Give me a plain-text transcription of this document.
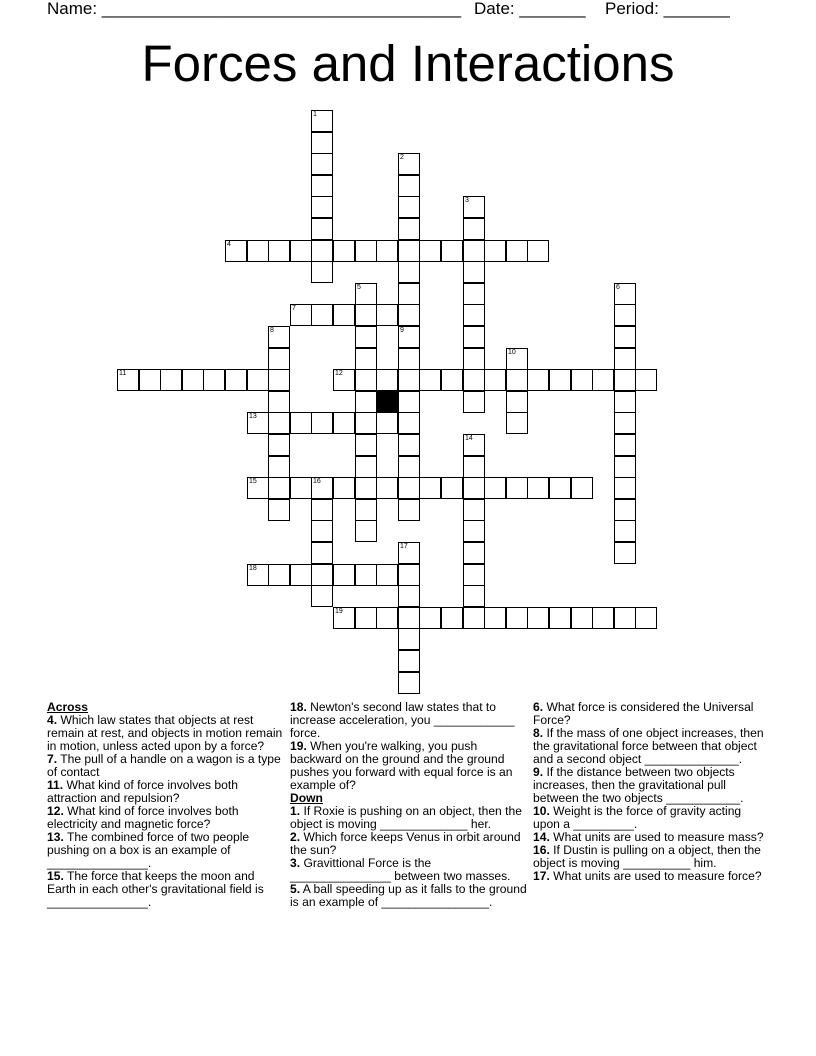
Name: ______________________________________ Date: _______ Period: _______
Forces and Interactions
1
2
9
3
4
5	6
7
8
10
11	12
13
14
15	16
17
18
19

Across

4. Which law states that objects at rest remain at rest, and objects in motion remain in motion, unless acted upon by a force?

7. The pull of a handle on a wagon is a type of contact

11. What kind of force involves both attraction and repulsion?

12. What kind of force involves both electricity and magnetic force?

13. The combined force of two people pushing on a box is an example of _______________.

15. The force that keeps the moon and Earth in each other's gravitational field is _______________.

18. Newton's second law states that to increase acceleration, you ____________ force.

19. When you're walking, you push backward on the ground and the ground pushes you forward with equal force is an example of?

Down

1. If Roxie is pushing on an object, then the object is moving _____________ her.

2. Which force keeps Venus in orbit around the sun?

3. Gravittional Force is the _______________ between two masses.

5. A ball speeding up as it falls to the ground is an example of ________________.

6. What force is considered the Universal Force?

8. If the mass of one object increases, then the gravitational force between that object and a second object ______________.

9. If the distance between two objects increases, then the gravitational pull between the two objects ___________.

10. Weight is the force of gravity acting upon a _________.

14. What units are used to measure mass?

16. If Dustin is pulling on a object, then the object is moving __________ him.

17. What units are used to measure force?
